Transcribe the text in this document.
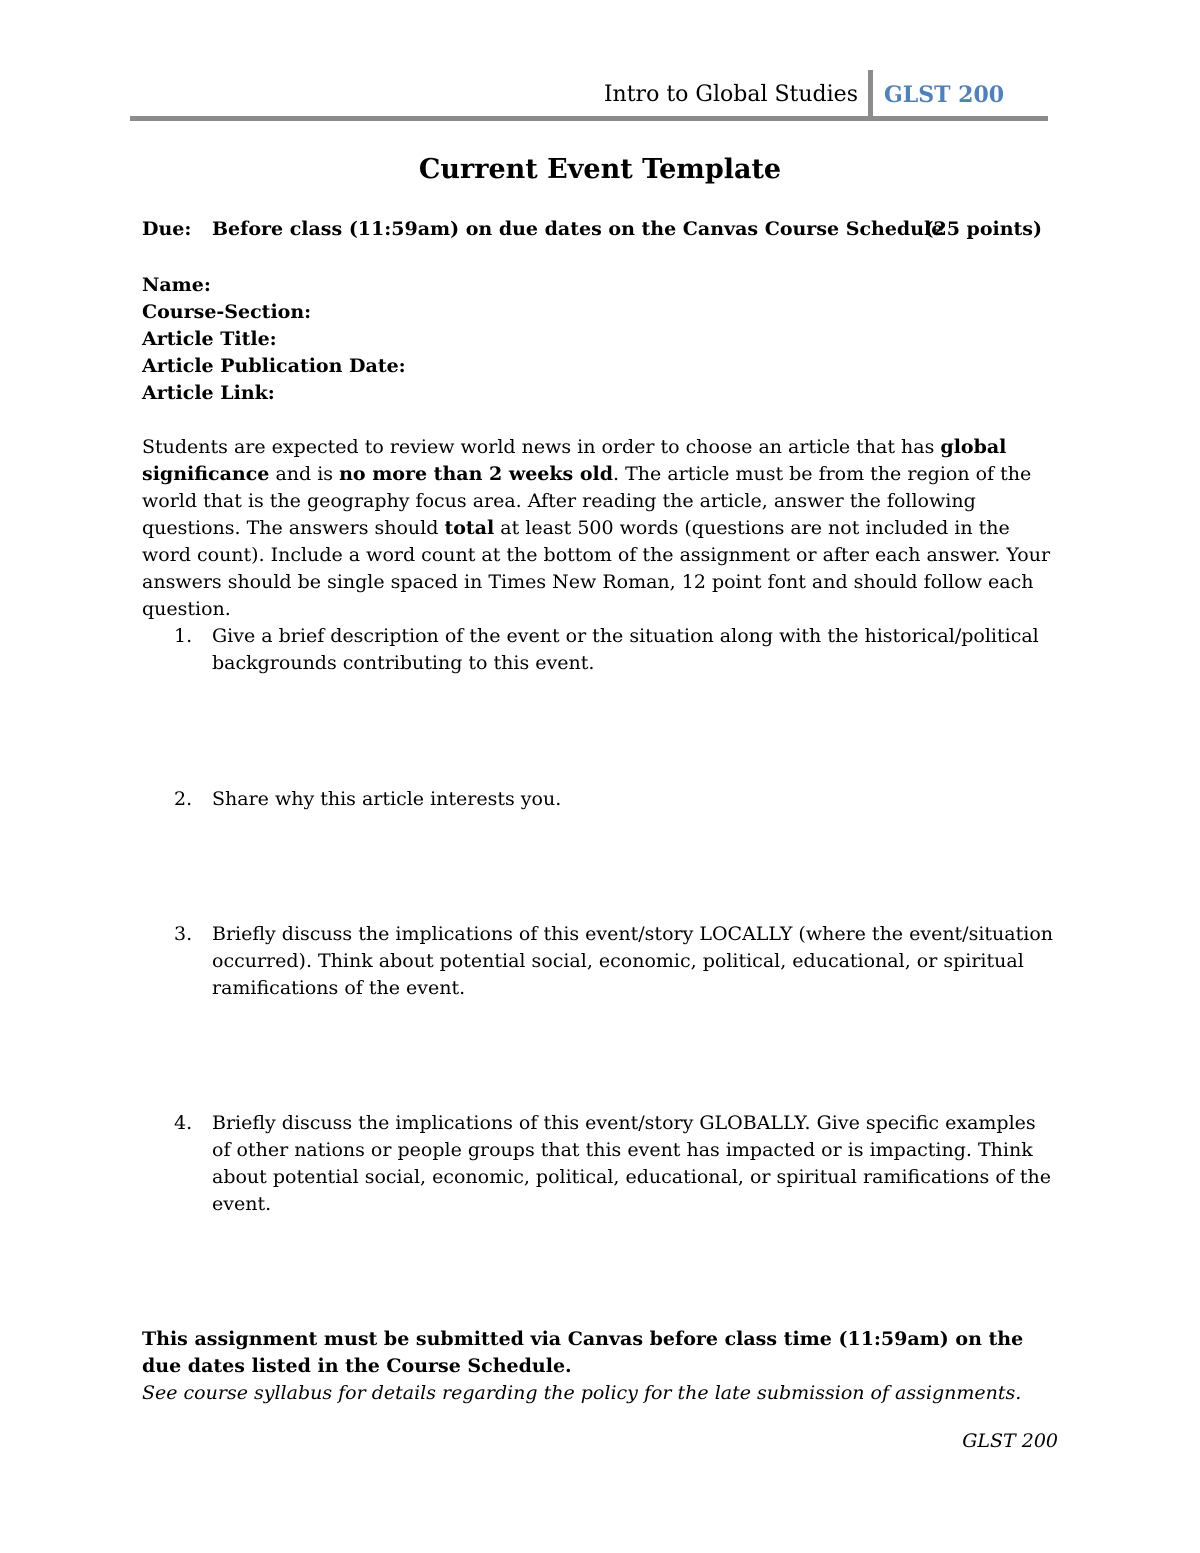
Intro to Global Studies GLST 200
Current Event Template
Due: Before class (11:59am) on due dates on the Canvas Course Schedule
(25 points)
Name:
Course-Section:
Article Title:
Article Publication Date:
Article Link:
Students are expected to review world news in order to choose an article that has global significance and is no more than 2 weeks old. The article must be from the region of the world that is the geography focus area. After reading the article, answer the following questions. The answers should total at least 500 words (questions are not included in the word count). Include a word count at the bottom of the assignment or after each answer. Your answers should be single spaced in Times New Roman, 12 point font and should follow each question.
1. Give a brief description of the event or the situation along with the historical/political backgrounds contributing to this event.
2. Share why this article interests you.
3. Briefly discuss the implications of this event/story LOCALLY (where the event/situation occurred). Think about potential social, economic, political, educational, or spiritual ramifications of the event.
4. Briefly discuss the implications of this event/story GLOBALLY. Give specific examples of other nations or people groups that this event has impacted or is impacting. Think about potential social, economic, political, educational, or spiritual ramifications of the event.
This assignment must be submitted via Canvas before class time (11:59am) on the due dates listed in the Course Schedule.
See course syllabus for details regarding the policy for the late submission of assignments.
GLST 200
